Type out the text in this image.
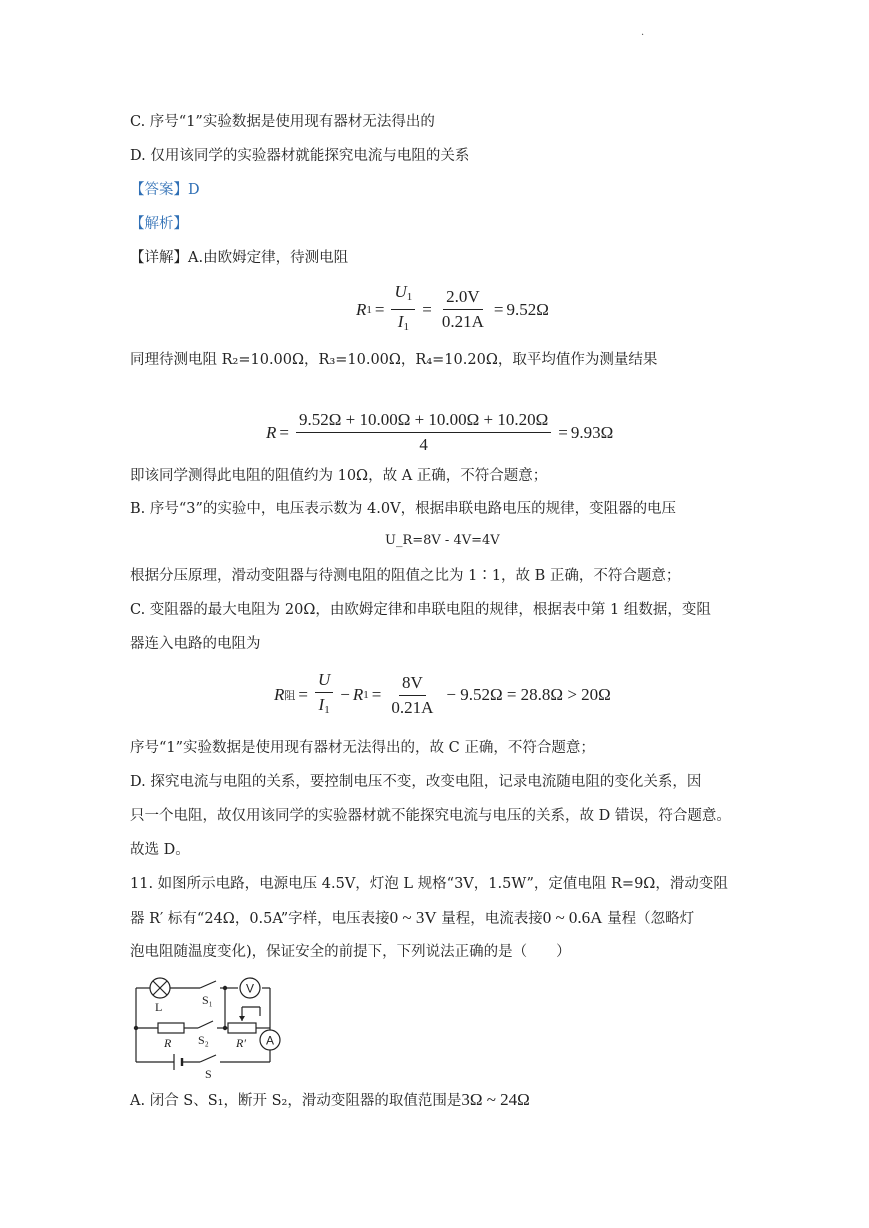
·
C. 序号“1”实验数据是使用现有器材无法得出的
D. 仅用该同学的实验器材就能探究电流与电阻的关系
【答案】D
【解析】
【详解】A.由欧姆定律，待测电阻
R $1 = \frac{U_1}{I_1} = \frac{2.0V}{0.21A} = 9.52\Omega$
同理待测电阻 R₂=10.00Ω，R₃=10.00Ω，R₄=10.20Ω，取平均值作为测量结果
$R = \frac{9.52\Omega + 10.00\Omega + 10.00\Omega + 10.20\Omega}{4} = 9.93\Omega$
即该同学测得此电阻的阻值约为 10Ω，故 A 正确，不符合题意；
B. 序号“3”的实验中，电压表示数为 4.0V，根据串联电路电压的规律，变阻器的电压
U_R=8V - 4V=4V
根据分压原理，滑动变阻器与待测电阻的阻值之比为 1∶1，故 B 正确，不符合题意；
C. 变阻器的最大电阻为 20Ω，由欧姆定律和串联电阻的规律，根据表中第 1 组数据，变阻
器连入电路的电阻为
R 阻 = $\frac{U}{I_1} - R$ $1 = \frac{8V}{0.21A} - 9.52\Omega = 28.8\Omega > 20\Omega$
序号“1”实验数据是使用现有器材无法得出的，故 C 正确，不符合题意；
D. 探究电流与电阻的关系，要控制电压不变，改变电阻，记录电流随电阻的变化关系，因
只一个电阻，故仅用该同学的实验器材就不能探究电流与电压的关系，故 D 错误，符合题意。
故选 D。
11. 如图所示电路，电源电压 4.5V，灯泡 L 规格“3V，1.5W”，定值电阻 R=9Ω，滑动变阻
器 R′ 标有“24Ω，0.5A”字样，电压表接0 ~ 3V 量程，电流表接0 ~ 0.6A 量程（忽略灯
泡电阻随温度变化)，保证安全的前提下，下列说法正确的是（　　）
V
A
L	S₁
R S₂ R′
S
A. 闭合 S、S₁，断开 S₂，滑动变阻器的取值范围是3Ω ~ 24Ω
